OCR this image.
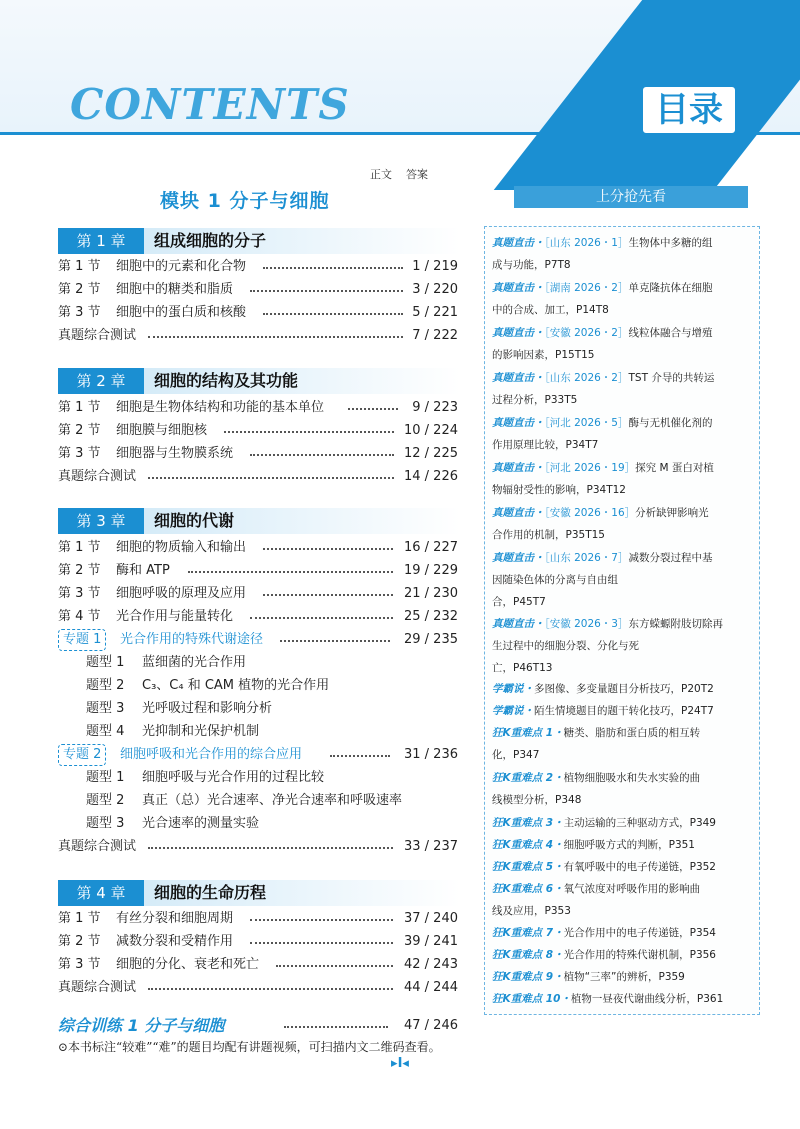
CONTENTS	目录
正文 答案
模块 1 分子与细胞
第 1 章	组成细胞的分子
第 1 节 细胞中的元素和化合物	1 / 219
第 2 节 细胞中的糖类和脂质	3 / 220
第 3 节 细胞中的蛋白质和核酸	5 / 221
真题综合测试	7 / 222
第 2 章	细胞的结构及其功能
第 1 节 细胞是生物体结构和功能的基本单位	9 / 223
第 2 节 细胞膜与细胞核	10 / 224
第 3 节 细胞器与生物膜系统	12 / 225
真题综合测试	14 / 226
第 3 章	细胞的代谢
第 1 节 细胞的物质输入和输出	16 / 227
第 2 节 酶和 ATP	19 / 229
第 3 节 细胞呼吸的原理及应用	21 / 230
第 4 节 光合作用与能量转化	25 / 232
专题 1	光合作用的特殊代谢途径	29 / 235
题型 1 蓝细菌的光合作用
题型 2 C₃、C₄ 和 CAM 植物的光合作用
题型 3 光呼吸过程和影响分析
题型 4 光抑制和光保护机制
专题 2	细胞呼吸和光合作用的综合应用	31 / 236
题型 1 细胞呼吸与光合作用的过程比较
题型 2 真正（总）光合速率、净光合速率和呼吸速率
题型 3 光合速率的测量实验
真题综合测试	33 / 237
第 4 章	细胞的生命历程
第 1 节 有丝分裂和细胞周期	37 / 240
第 2 节 减数分裂和受精作用	39 / 241
第 3 节 细胞的分化、衰老和死亡	42 / 243
真题综合测试	44 / 244
综合训练 1 分子与细胞	47 / 246
⊙本书标注“较难”“难”的题目均配有讲题视频，可扫描内文二维码查看。
▸I◂
上分抢先看
真题直击・［山东 2026・1］生物体中多糖的组
成与功能，P7T8
真题直击・［湖南 2026・2］单克隆抗体在细胞
中的合成、加工，P14T8
真题直击・［安徽 2026・2］线粒体融合与增殖
的影响因素，P15T15
真题直击・［山东 2026・2］TST 介导的共转运
过程分析，P33T5
真题直击・［河北 2026・5］酶与无机催化剂的
作用原理比较，P34T7
真题直击・［河北 2026・19］探究 M 蛋白对植
物辐射受性的影响，P34T12
真题直击・［安徽 2026・16］分析缺钾影响光
合作用的机制，P35T15
真题直击・［山东 2026・7］减数分裂过程中基
因随染色体的分离与自由组
合，P45T7
真题直击・［安徽 2026・3］东方蝾螈附肢切除再
生过程中的细胞分裂、分化与死
亡，P46T13
学霸说・多图像、多变量题目分析技巧，P20T2
学霸说・陌生情境题目的题干转化技巧，P24T7
狂K重难点 1・糖类、脂肪和蛋白质的相互转
化，P347
狂K重难点 2・植物细胞吸水和失水实验的曲
线模型分析，P348
狂K重难点 3・主动运输的三种驱动方式，P349
狂K重难点 4・细胞呼吸方式的判断，P351
狂K重难点 5・有氧呼吸中的电子传递链，P352
狂K重难点 6・氧气浓度对呼吸作用的影响曲
线及应用，P353
狂K重难点 7・光合作用中的电子传递链，P354
狂K重难点 8・光合作用的特殊代谢机制，P356
狂K重难点 9・植物“三率”的辨析，P359
狂K重难点 10・植物一昼夜代谢曲线分析，P361
